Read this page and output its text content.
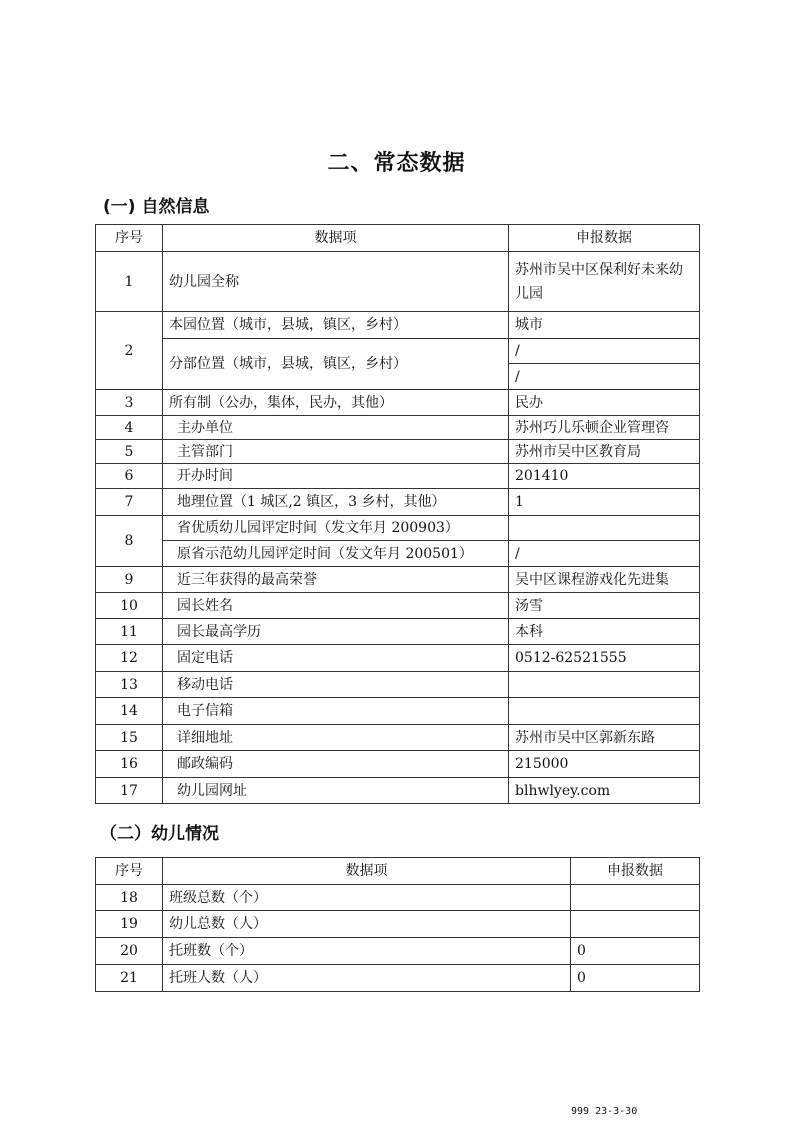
二、常态数据
(一) 自然信息
序号	数据项	申报数据
1	幼儿园全称	苏州市吴中区保利好未来幼儿园
2	本园位置（城市，县城，镇区，乡村）	城市
	分部位置（城市，县城，镇区，乡村）	/
		/
3	所有制（公办，集体，民办，其他）	民办
4	主办单位	苏州巧儿乐顿企业管理咨
5	主管部门	苏州市吴中区教育局
6	开办时间	201410
7	地理位置（1 城区,2 镇区，3 乡村，其他）	1
8	省优质幼儿园评定时间（发文年月 200903）	
	原省示范幼儿园评定时间（发文年月 200501）	/
9	近三年获得的最高荣誉	吴中区课程游戏化先进集
10	园长姓名	汤雪
11	园长最高学历	本科
12	固定电话	0512-62521555
13	移动电话	
14	电子信箱	
15	详细地址	苏州市吴中区郭新东路
16	邮政编码	215000
17	幼儿园网址	blhwlyey.com
（二）幼儿情况
序号	数据项	申报数据
18	班级总数（个）	
19	幼儿总数（人）	
20	托班数（个）	0
21	托班人数（人）	0
999 23-3-30
